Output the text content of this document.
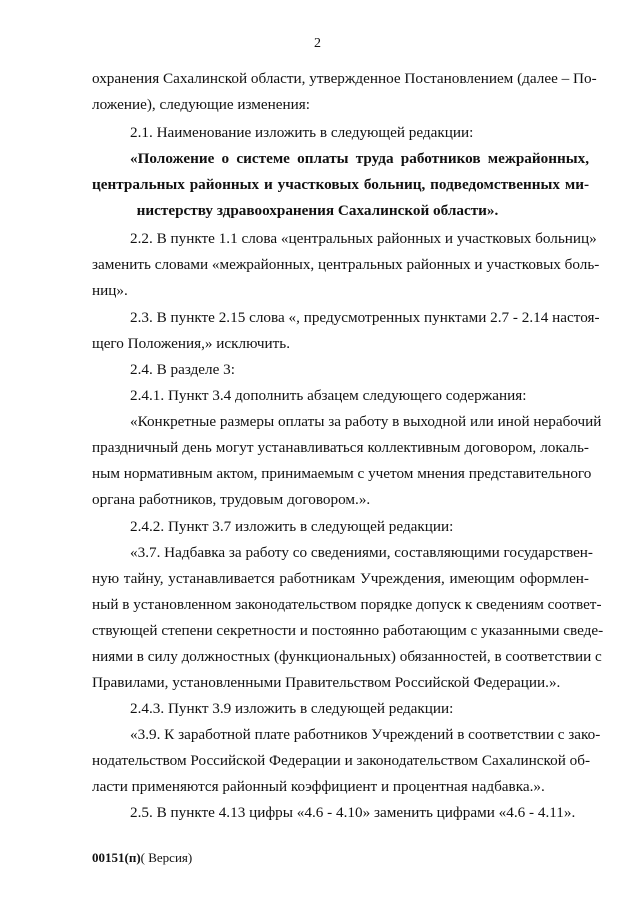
2
охранения Сахалинской области, утвержденное Постановлением (далее – По-
ложение), следующие изменения:
2.1. Наименование изложить в следующей редакции:
«Положение о системе оплаты труда работников межрайонных,
центральных районных и участковых больниц, подведомственных ми-
нистерству здравоохранения Сахалинской области».
2.2. В пункте 1.1 слова «центральных районных и участковых больниц»
заменить словами «межрайонных, центральных районных и участковых боль-
ниц».
2.3. В пункте 2.15 слова «, предусмотренных пунктами 2.7 - 2.14 настоя-
щего Положения,» исключить.
2.4. В разделе 3:
2.4.1. Пункт 3.4 дополнить абзацем следующего содержания:
«Конкретные размеры оплаты за работу в выходной или иной нерабочий
праздничный день могут устанавливаться коллективным договором, локаль-
ным нормативным актом, принимаемым с учетом мнения представительного
органа работников, трудовым договором.».
2.4.2. Пункт 3.7 изложить в следующей редакции:
«3.7. Надбавка за работу со сведениями, составляющими государствен-
ную тайну, устанавливается работникам Учреждения, имеющим оформлен-
ный в установленном законодательством порядке допуск к сведениям соответ-
ствующей степени секретности и постоянно работающим с указанными сведе-
ниями в силу должностных (функциональных) обязанностей, в соответствии с
Правилами, установленными Правительством Российской Федерации.».
2.4.3. Пункт 3.9 изложить в следующей редакции:
«3.9. К заработной плате работников Учреждений в соответствии с зако-
нодательством Российской Федерации и законодательством Сахалинской об-
ласти применяются районный коэффициент и процентная надбавка.».
2.5. В пункте 4.13 цифры «4.6 - 4.10» заменить цифрами «4.6 - 4.11».
00151(п)( Версия)
